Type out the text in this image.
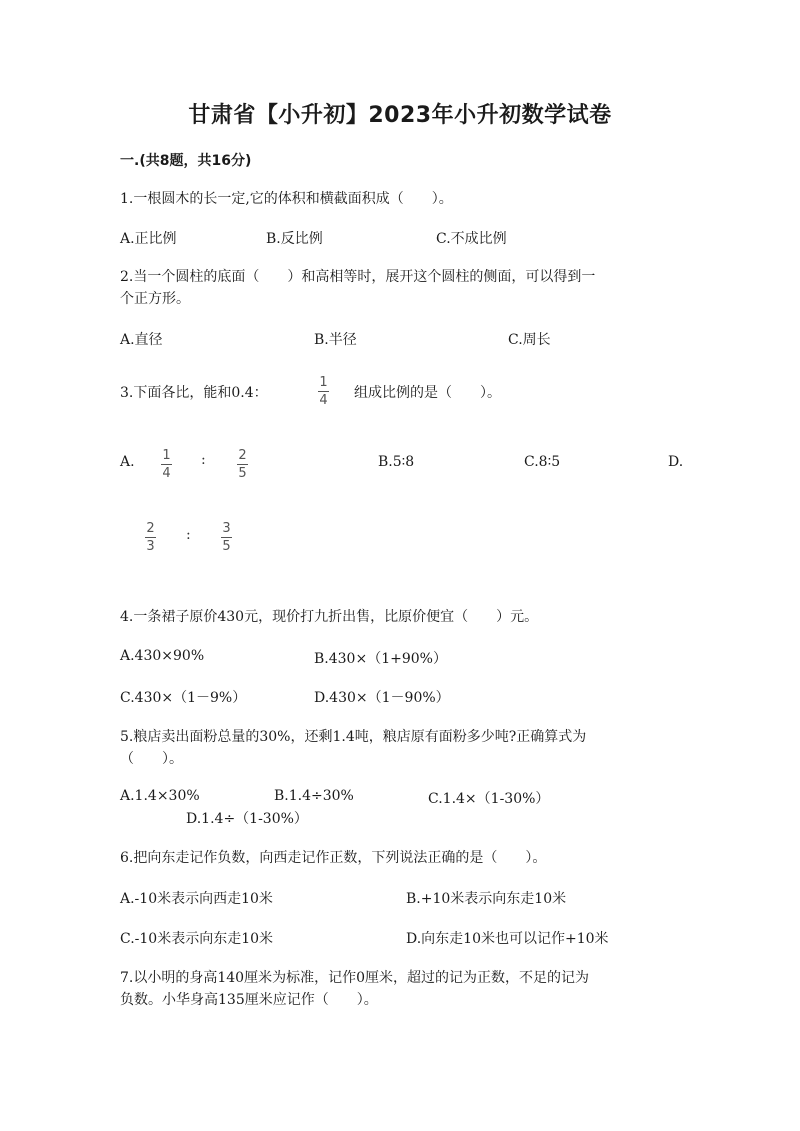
甘肃省【小升初】2023年小升初数学试卷
一.(共8题，共16分)
1.一根圆木的长一定,它的体积和横截面积成（　　）。
A.正比例	B.反比例	C.不成比例
2.当一个圆柱的底面（　　）和高相等时，展开这个圆柱的侧面，可以得到一
个正方形。
A.直径	B.半径	C.周长
3.下面各比，能和0.4：
1
4 组成比例的是（　　）。
A. 1
4
:	2
5
B.5∶8	C.8∶5	D.
2
3
: 3
5
4.一条裙子原价430元，现价打九折出售，比原价便宜（　　）元。
A.430×90%	B.430×（1+90%）
C.430×（1－9%）	D.430×（1－90%）
5.粮店卖出面粉总量的30%，还剩1.4吨，粮店原有面粉多少吨?正确算式为
（　　）。
A.1.4×30%	B.1.4÷30%	C.1.4×（1-30%）
D.1.4÷（1-30%）
6.把向东走记作负数，向西走记作正数，下列说法正确的是（　　）。
A.-10米表示向西走10米	B.+10米表示向东走10米
C.-10米表示向东走10米	D.向东走10米也可以记作+10米
7.以小明的身高140厘米为标准，记作0厘米，超过的记为正数，不足的记为
负数。小华身高135厘米应记作（　　）。
